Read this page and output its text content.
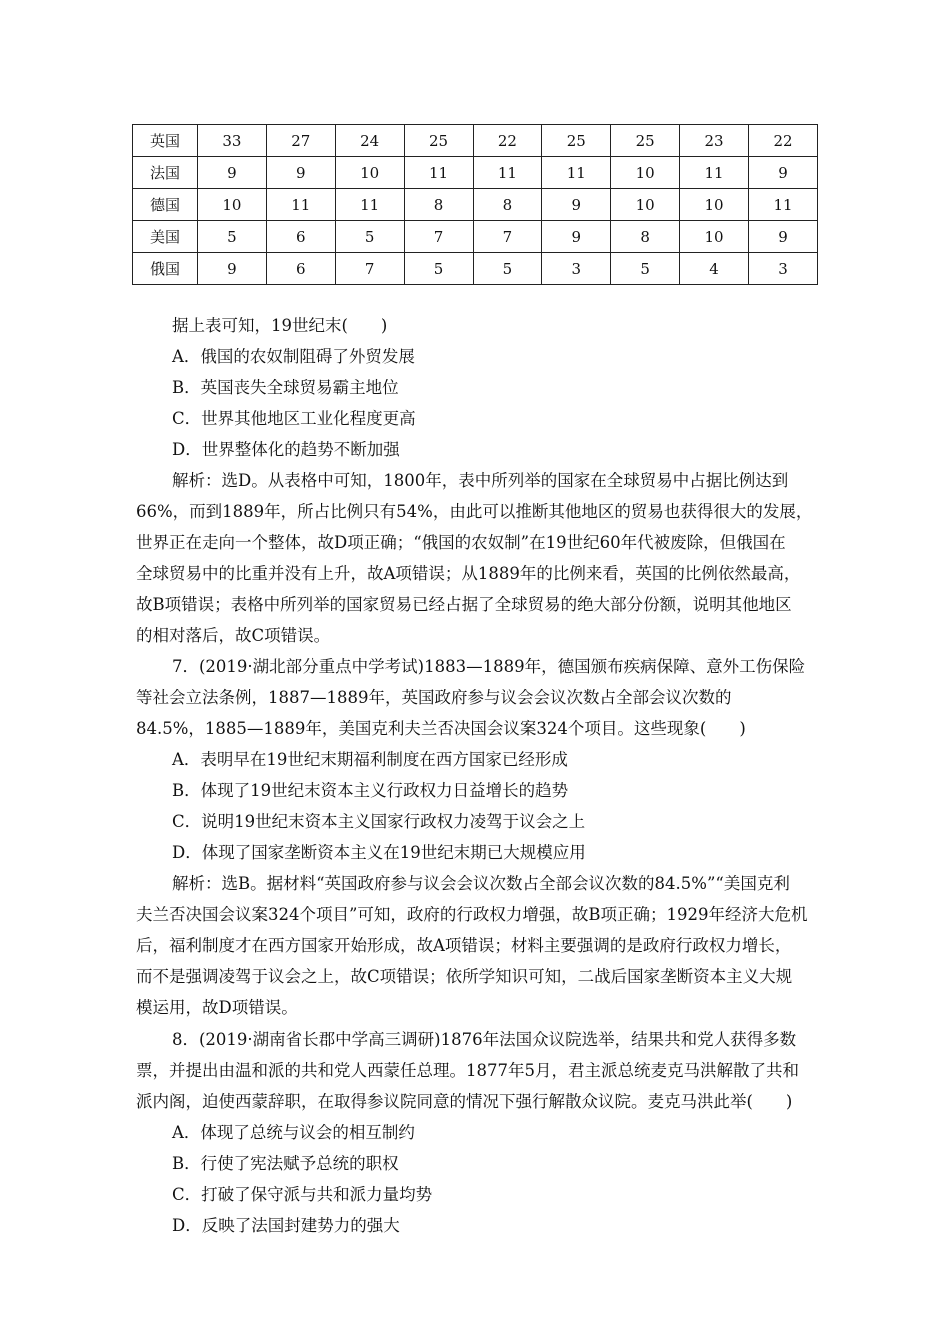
英国	33	27	24	25	22	25	25	23	22
法国	9	9	10	11	11	11	10	11	9
德国	10	11	11	8	8	9	10	10	11
美国	5	6	5	7	7	9	8	10	9
俄国	9	6	7	5	5	3	5	4	3
据上表可知，19世纪末(　　)
A．俄国的农奴制阻碍了外贸发展
B．英国丧失全球贸易霸主地位
C．世界其他地区工业化程度更高
D．世界整体化的趋势不断加强
解析：选D。从表格中可知，1800年，表中所列举的国家在全球贸易中占据比例达到
66%，而到1889年，所占比例只有54%，由此可以推断其他地区的贸易也获得很大的发展，
世界正在走向一个整体，故D项正确；“俄国的农奴制”在19世纪60年代被废除，但俄国在
全球贸易中的比重并没有上升，故A项错误；从1889年的比例来看，英国的比例依然最高，
故B项错误；表格中所列举的国家贸易已经占据了全球贸易的绝大部分份额，说明其他地区
的相对落后，故C项错误。
7．(2019·湖北部分重点中学考试)1883—1889年，德国颁布疾病保障、意外工伤保险
等社会立法条例，1887—1889年，英国政府参与议会会议次数占全部会议次数的
84.5%，1885—1889年，美国克利夫兰否决国会议案324个项目。这些现象(　　)
A．表明早在19世纪末期福利制度在西方国家已经形成
B．体现了19世纪末资本主义行政权力日益增长的趋势
C．说明19世纪末资本主义国家行政权力凌驾于议会之上
D．体现了国家垄断资本主义在19世纪末期已大规模应用
解析：选B。据材料“英国政府参与议会会议次数占全部会议次数的84.5%”“美国克利
夫兰否决国会议案324个项目”可知，政府的行政权力增强，故B项正确；1929年经济大危机
后，福利制度才在西方国家开始形成，故A项错误；材料主要强调的是政府行政权力增长，
而不是强调凌驾于议会之上，故C项错误；依所学知识可知，二战后国家垄断资本主义大规
模运用，故D项错误。
8．(2019·湖南省长郡中学高三调研)1876年法国众议院选举，结果共和党人获得多数
票，并提出由温和派的共和党人西蒙任总理。1877年5月，君主派总统麦克马洪解散了共和
派内阁，迫使西蒙辞职，在取得参议院同意的情况下强行解散众议院。麦克马洪此举(　　)
A．体现了总统与议会的相互制约
B．行使了宪法赋予总统的职权
C．打破了保守派与共和派力量均势
D．反映了法国封建势力的强大
